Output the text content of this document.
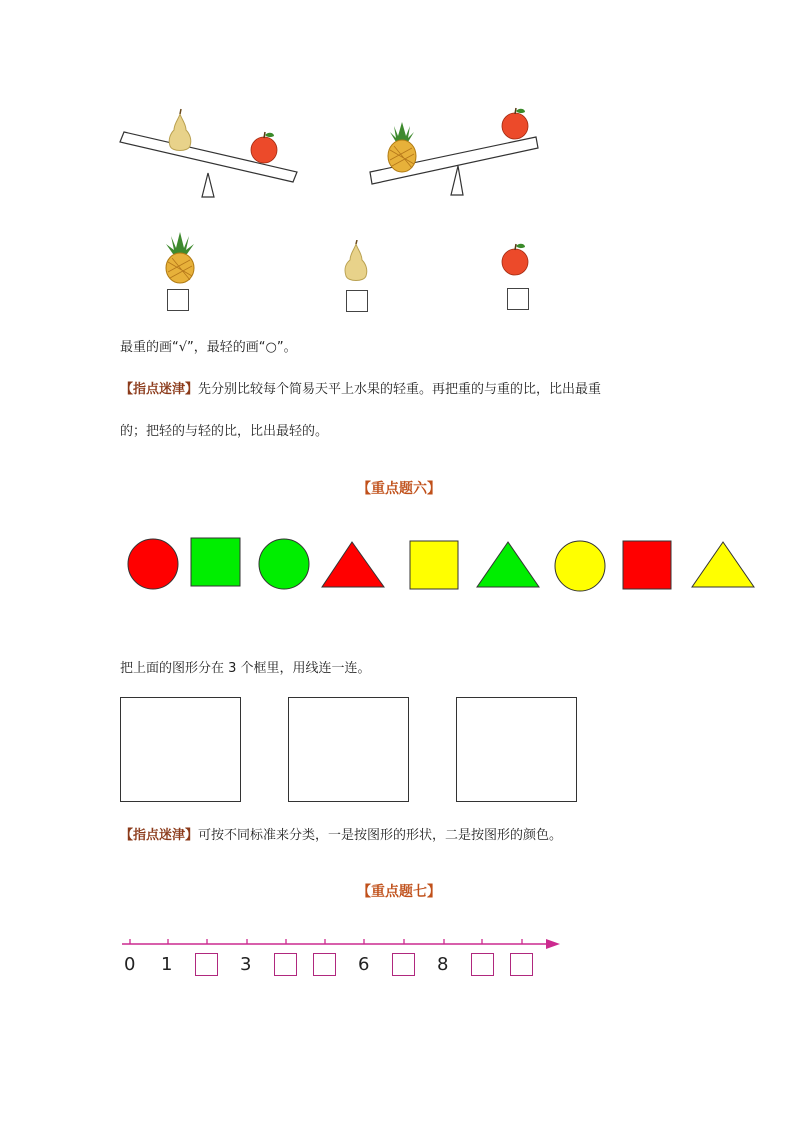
最重的画“√”，最轻的画“○”。
【指点迷津】先分别比较每个简易天平上水果的轻重。再把重的与重的比，比出最重
的；把轻的与轻的比，比出最轻的。
【重点题六】
把上面的图形分在 3 个框里，用线连一连。
【指点迷津】可按不同标准来分类，一是按图形的形状，二是按图形的颜色。
【重点题七】
0 1	3	6	8
